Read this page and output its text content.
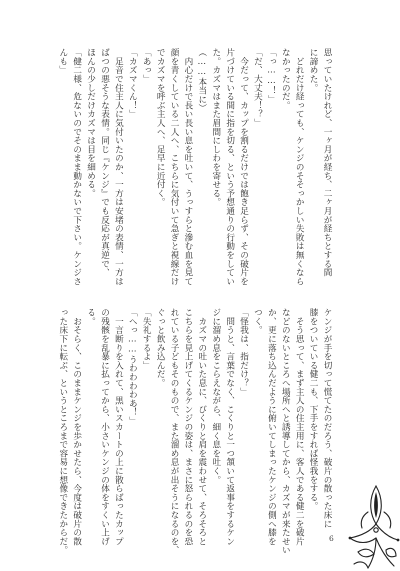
思っていたけれど、一ヶ月が経ち、二ヶ月が経ちとする間
に諦めた。
　どれだけ経っても、ケンジのそそっかしい失敗は無くなら
なかったのだ。
「っ……！」
「だ、大丈夫！？」
　今だって、カップを割るだけでは飽き足らず、その破片を
片づけている間に指を切る、という予想通りの行動をしてい
た。カズマはまた眉間にしわを寄せる。
（……本当に）
　内心だけで長い長い息を吐いて、うっすらと滲む血を見て
顔を青くしている二人へ、こちらに気付いて急ぎと視線だけ
でカズマを呼ぶ主人へ、足早に近付く。
「あっ」
「カズマくん！」
　足音で住主人に気付いたのか、一方は安堵の表情、一方は
ばつの悪そうな表情。同じ『ケンジ』でも反応が真逆で、
ほんの少しだけカズマは目を細める。
「健二様、危ないのでそのまま動かないで下さい。ケンジさ
んも」
ケンジが手を切って慌てたのだろう、破片の散った床に
膝をついている健二も、下手をすれば怪我をする。
　そう思って、まず主人の住主用に、客人である健二を破片
などのないところへ場所へと誘導してから、カズマが来たせい
か、更に落ち込んだように俯いてしまったケンジの側へ膝を
つく。
「怪我は、指だけ？」
　問うと、言葉でなく、こくりと一つ頷いて返事をするケン
ジに溜め息をこらえながら、細く息を吐く。
　カズマの吐いた息に、びくりと肩を震わせて、そろそろと
こちらを見上げてくるケンジの姿は、まさに怒られるのを恐
れている子どもそのもので、また溜め息が出そうになるのを、
ぐっと飲み込んだ。
「失礼するよ」
「へっ……うわわわわあ！」
　一言断りを入れて、黒いスカートの上に散らばったカップ
の残骸を乱暴に払ってから、小さいケンジの体をすくい上げ
る。
　おそらく、このままケンジを歩かせたら、今度は破片の散
った床下に転ぶ、というところまで容易に想像できたからだ。	6
